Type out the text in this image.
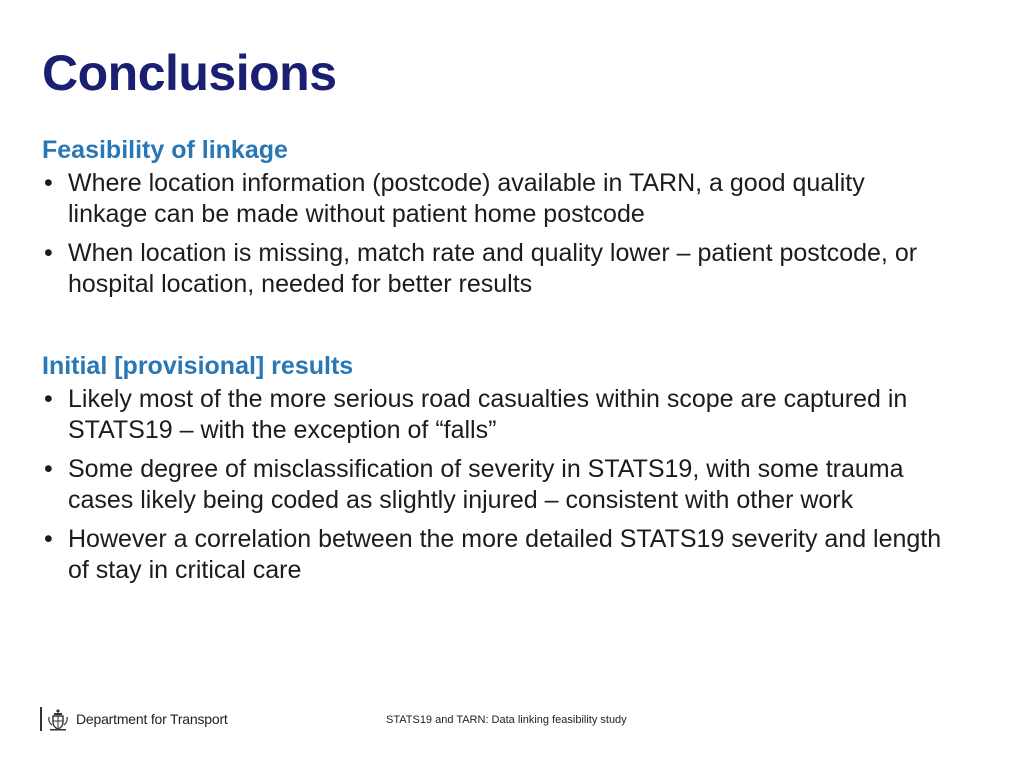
Conclusions
Feasibility of linkage
• Where location information (postcode) available in TARN, a good quality linkage can be made without patient home postcode
• When location is missing, match rate and quality lower – patient postcode, or hospital location, needed for better results
Initial [provisional] results
• Likely most of the more serious road casualties within scope are captured in STATS19 – with the exception of “falls”
• Some degree of misclassification of severity in STATS19, with some trauma cases likely being coded as slightly injured – consistent with other work
• However a correlation between the more detailed STATS19 severity and length of stay in critical care
Department for Transport	STATS19 and TARN: Data linking feasibility study
